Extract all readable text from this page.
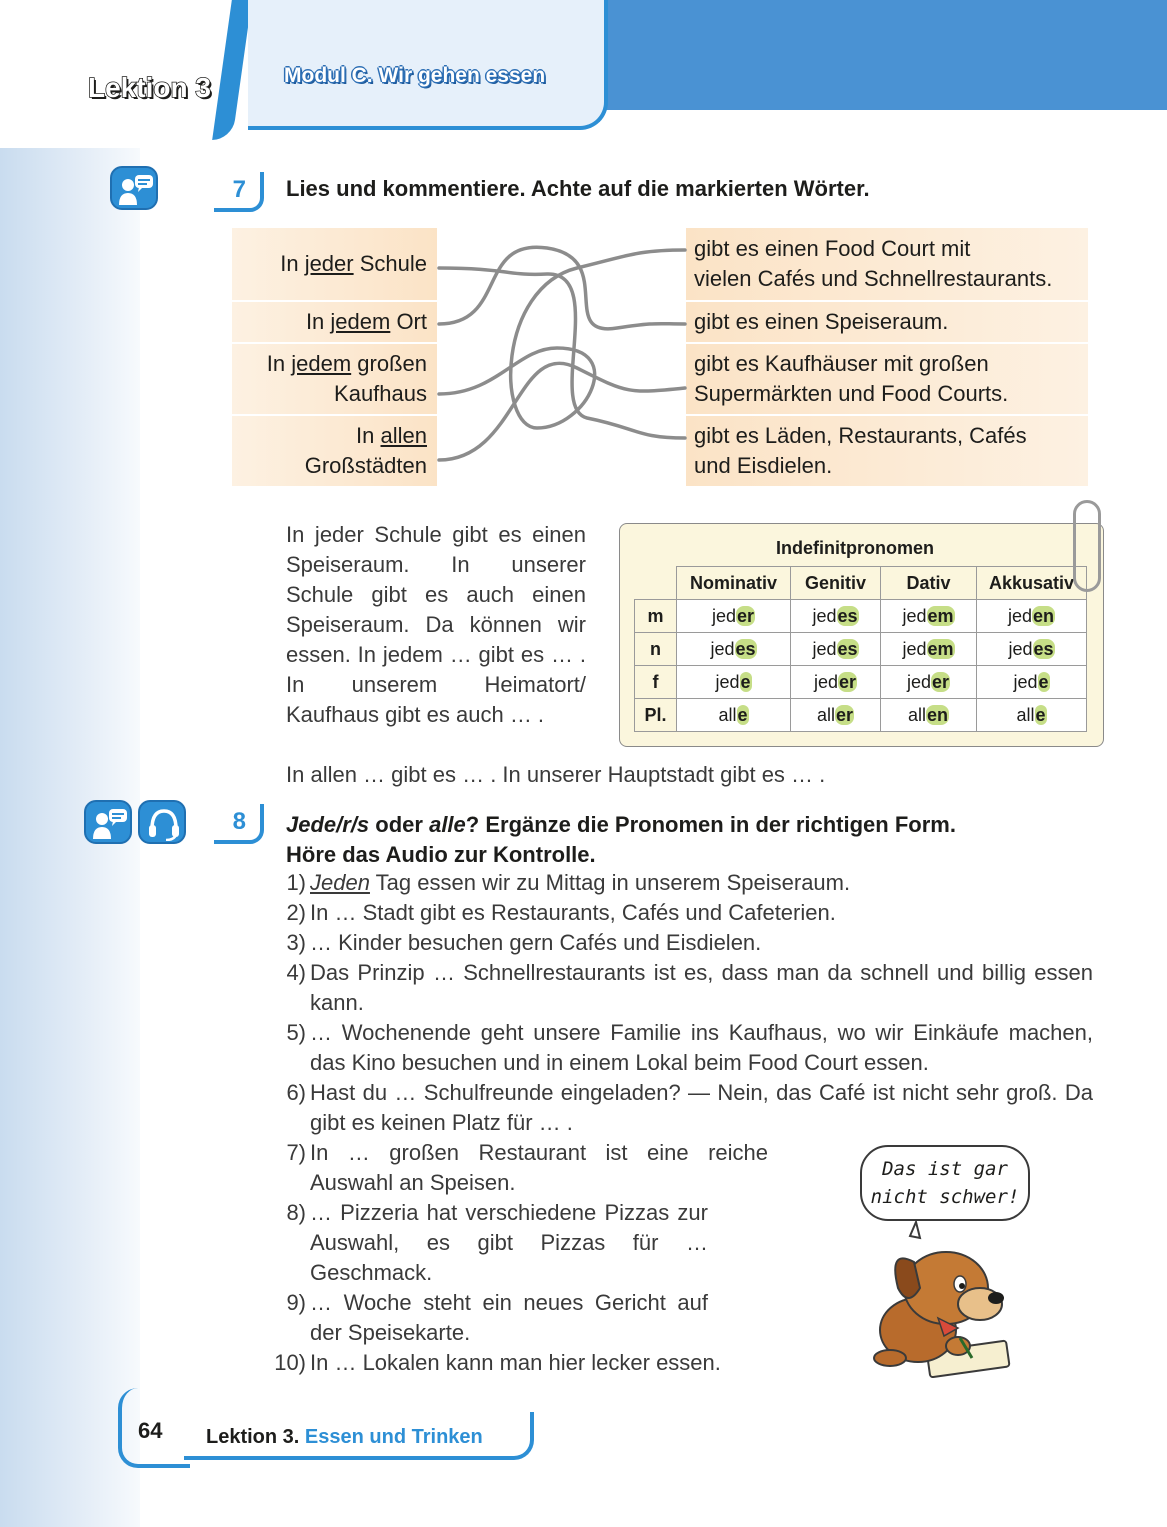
Lektion 3	Modul C. Wir gehen essen
7	Lies und kommentiere. Achte auf die markierten Wörter.
In jeder Schule
In jedem Ort
In jedem großen
Kaufhaus
In allen
Großstädten
gibt es einen Food Court mit
vielen Cafés und Schnellrestaurants.
gibt es einen Speiseraum.
gibt es Kaufhäuser mit großen
Supermärkten und Food Courts.
gibt es Läden, Restaurants, Cafés
und Eisdielen.
In jeder Schule gibt es einen Speiseraum. In unserer Schule gibt es auch einen Speiseraum. Da können wir essen. In jedem … gibt es … . In unserem Heimatort/ Kaufhaus gibt es auch … .
In allen … gibt es … . In unserer Hauptstadt gibt es … .
Indefinitpronomen
	Nominativ	Genitiv	Dativ	Akkusativ
m	jeder	jedes	jedem	jeden
n	jedes	jedes	jedem	jedes
f	jede	jeder	jeder	jede
Pl.	alle	aller	allen	alle
8	Jede/r/s oder alle? Ergänze die Pronomen in der richtigen Form.
Höre das Audio zur Kontrolle.
1) Jeden Tag essen wir zu Mittag in unserem Speiseraum.
2) In … Stadt gibt es Restaurants, Cafés und Cafeterien.
3) … Kinder besuchen gern Cafés und Eisdielen.
4) Das Prinzip … Schnellrestaurants ist es, dass man da schnell und billig essen kann.
5) … Wochenende geht unsere Familie ins Kaufhaus, wo wir Einkäufe machen, das Kino besuchen und in einem Lokal beim Food Court essen.
6) Hast du … Schulfreunde eingeladen? — Nein, das Café ist nicht sehr groß. Da gibt es keinen Platz für … .
7) In … großen Restaurant ist eine reiche Auswahl an Speisen.
8) … Pizzeria hat verschiedene Pizzas zur Auswahl, es gibt Pizzas für … Geschmack.
9) … Woche steht ein neues Gericht auf der Speisekarte.
10) In … Lokalen kann man hier lecker essen.
Das ist gar
nicht schwer!
64 Lektion 3. Essen und Trinken
